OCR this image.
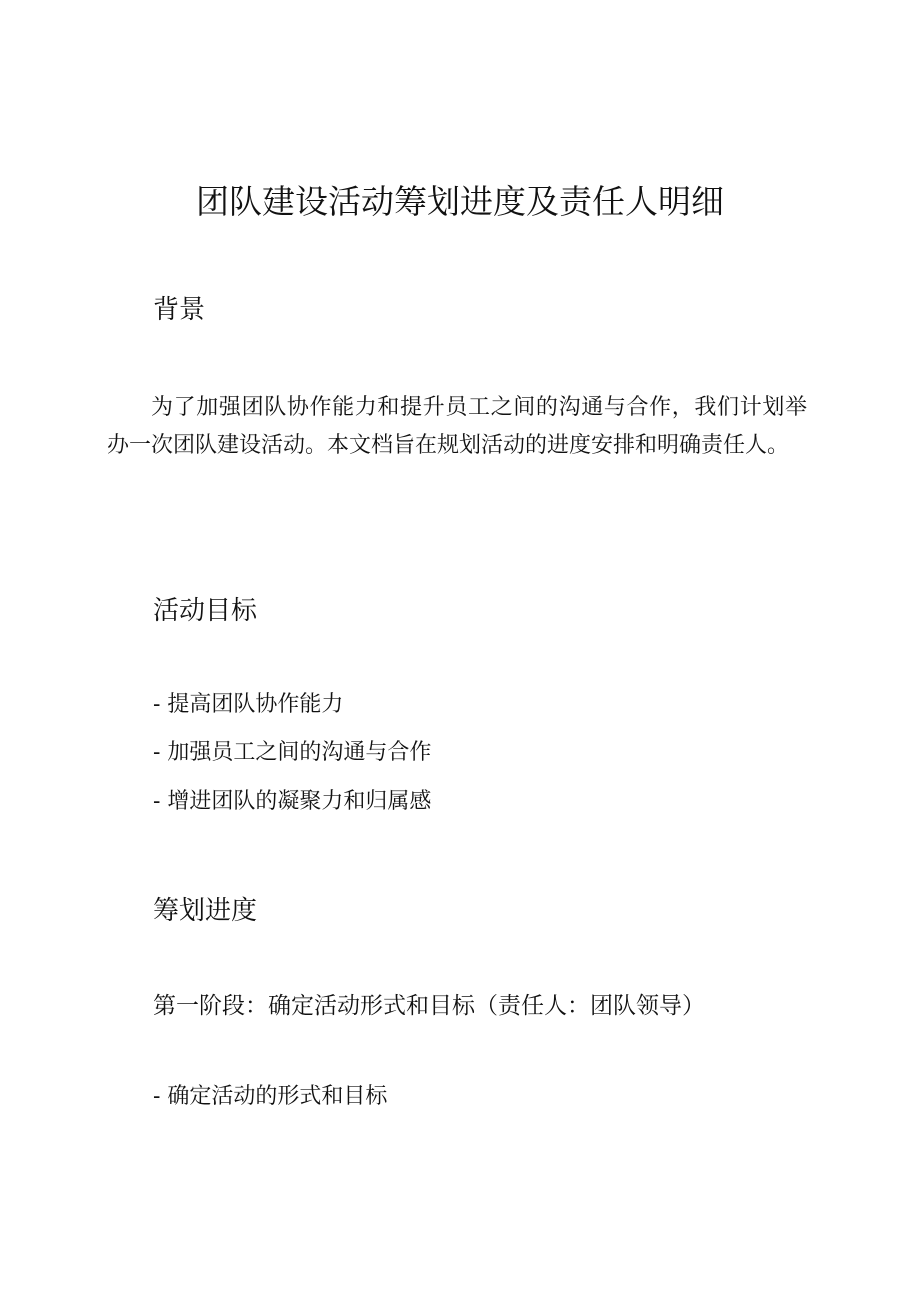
团队建设活动筹划进度及责任人明细
背景

为了加强团队协作能力和提升员工之间的沟通与合作，我们计划举办一次团队建设活动。本文档旨在规划活动的进度安排和明确责任人。

活动目标

- 提高团队协作能力

- 加强员工之间的沟通与合作

- 增进团队的凝聚力和归属感

筹划进度
第一阶段：确定活动形式和目标（责任人：团队领导）

- 确定活动的形式和目标
